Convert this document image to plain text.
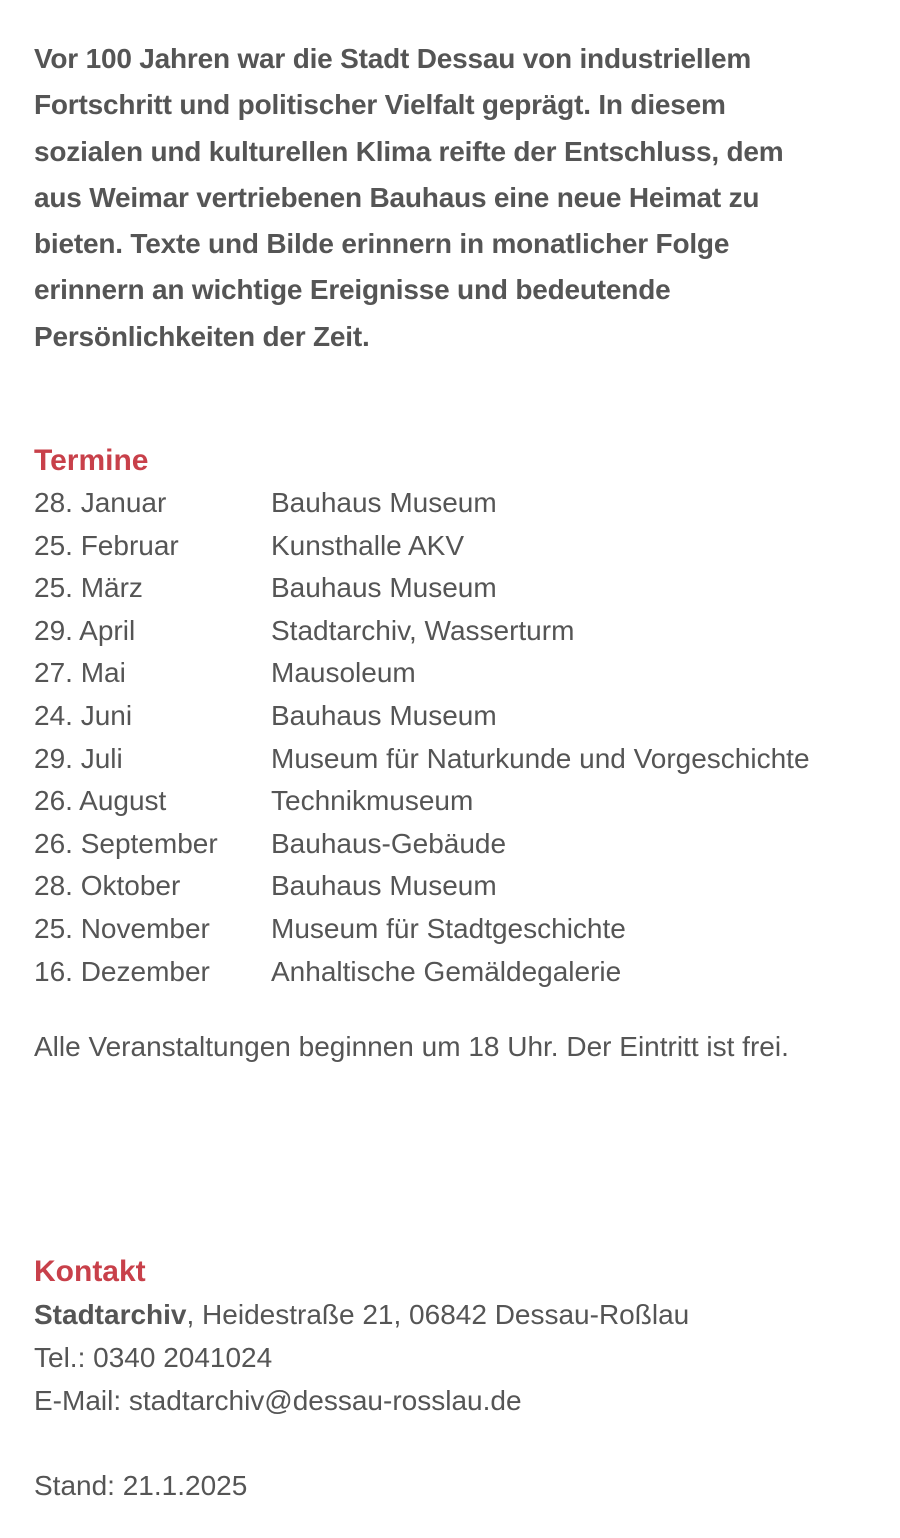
Vor 100 Jahren war die Stadt Dessau von industriellem
Fortschritt und politischer Vielfalt geprägt. In diesem
sozialen und kulturellen Klima reifte der Entschluss, dem
aus Weimar vertriebenen Bauhaus eine neue Heimat zu
bieten. Texte und Bilde erinnern in monatlicher Folge
erinnern an wichtige Ereignisse und bedeutende
Persönlichkeiten der Zeit.

Termine
28. Januar	Bauhaus Museum
25. Februar	Kunsthalle AKV
25. März	Bauhaus Museum
29. April	Stadtarchiv, Wasserturm
27. Mai	Mausoleum
24. Juni	Bauhaus Museum
29. Juli	Museum für Naturkunde und Vorgeschichte
26. August	Technikmuseum
26. September	Bauhaus-Gebäude
28. Oktober	Bauhaus Museum
25. November	Museum für Stadtgeschichte
16. Dezember	Anhaltische Gemäldegalerie

Alle Veranstaltungen beginnen um 18 Uhr. Der Eintritt ist frei.

Kontakt

Stadtarchiv, Heidestraße 21, 06842 Dessau-Roßlau

Tel.: 0340 2041024

E-Mail: stadtarchiv@dessau-rosslau.de

Stand: 21.1.2025
